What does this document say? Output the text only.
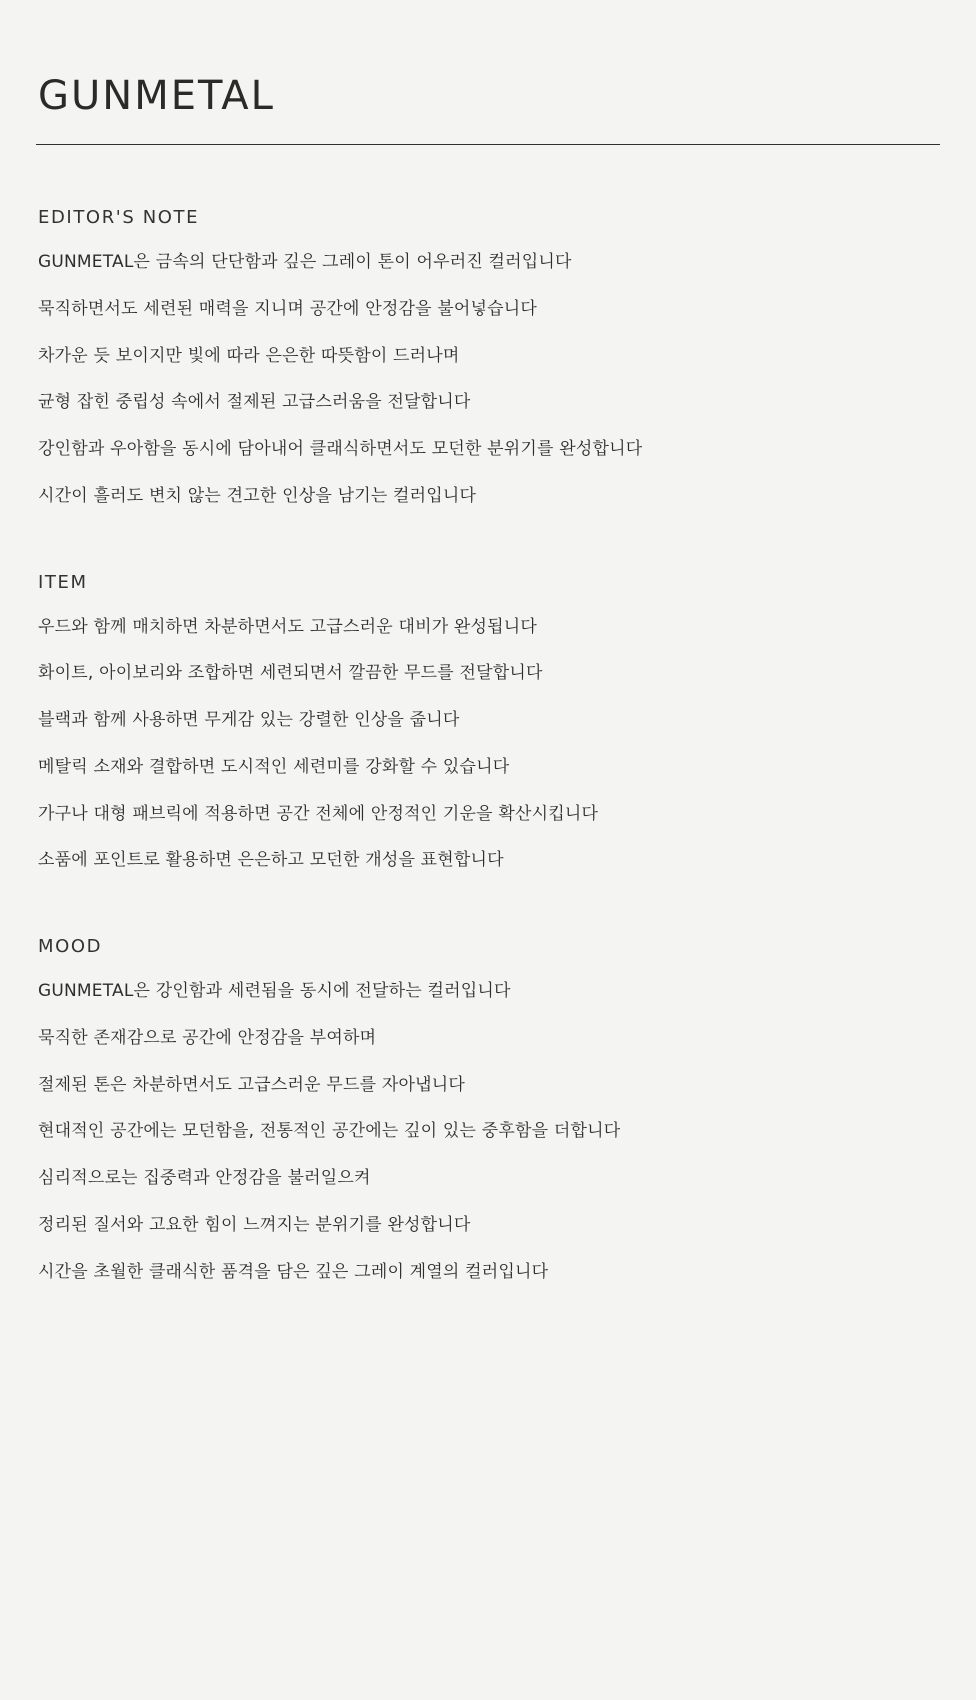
GUNMETAL
EDITOR'S NOTE

GUNMETAL은 금속의 단단함과 깊은 그레이 톤이 어우러진 컬러입니다

묵직하면서도 세련된 매력을 지니며 공간에 안정감을 불어넣습니다

차가운 듯 보이지만 빛에 따라 은은한 따뜻함이 드러나며

균형 잡힌 중립성 속에서 절제된 고급스러움을 전달합니다

강인함과 우아함을 동시에 담아내어 클래식하면서도 모던한 분위기를 완성합니다

시간이 흘러도 변치 않는 견고한 인상을 남기는 컬러입니다

ITEM

우드와 함께 매치하면 차분하면서도 고급스러운 대비가 완성됩니다

화이트, 아이보리와 조합하면 세련되면서 깔끔한 무드를 전달합니다

블랙과 함께 사용하면 무게감 있는 강렬한 인상을 줍니다

메탈릭 소재와 결합하면 도시적인 세련미를 강화할 수 있습니다

가구나 대형 패브릭에 적용하면 공간 전체에 안정적인 기운을 확산시킵니다

소품에 포인트로 활용하면 은은하고 모던한 개성을 표현합니다

MOOD

GUNMETAL은 강인함과 세련됨을 동시에 전달하는 컬러입니다

묵직한 존재감으로 공간에 안정감을 부여하며

절제된 톤은 차분하면서도 고급스러운 무드를 자아냅니다

현대적인 공간에는 모던함을, 전통적인 공간에는 깊이 있는 중후함을 더합니다

심리적으로는 집중력과 안정감을 불러일으켜

정리된 질서와 고요한 힘이 느껴지는 분위기를 완성합니다

시간을 초월한 클래식한 품격을 담은 깊은 그레이 계열의 컬러입니다
